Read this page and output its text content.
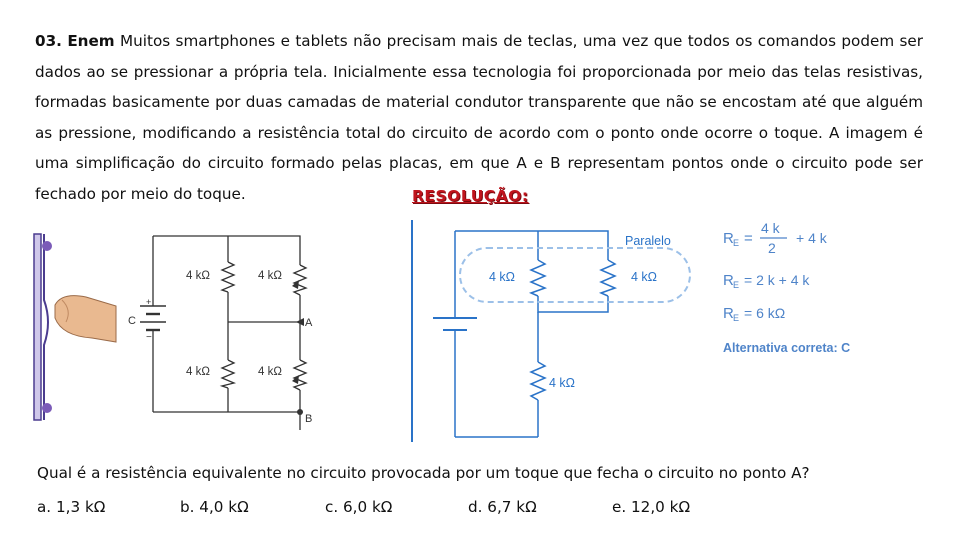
03. Enem Muitos smartphones e tablets não precisam mais de teclas, uma vez que todos os comandos podem ser dados ao se pressionar a própria tela. Inicialmente essa tecnologia foi proporcionada por meio das telas resistivas, formadas basicamente por duas camadas de material condutor transparente que não se encostam até que alguém as pressione, modificando a resistência total do circuito de acordo com o ponto onde ocorre o toque. A imagem é uma simplificação do circuito formado pelas placas, em que A e B representam pontos onde o circuito pode ser fechado por meio do toque.	RESOLUÇÃO:
+
−
C
4 kΩ	4 kΩ
4 kΩ	4 kΩ
A
B
Paralelo
4 kΩ	4 kΩ
4 kΩ
R E =
4 k
2
+ 4 k
R E = 2 k + 4 k
R E = 6 kΩ
Alternativa correta: C
Qual é a resistência equivalente no circuito provocada por um toque que fecha o circuito no ponto A?
a. 1,3 kΩ	b. 4,0 kΩ	c. 6,0 kΩ	d. 6,7 kΩ	e. 12,0 kΩ
